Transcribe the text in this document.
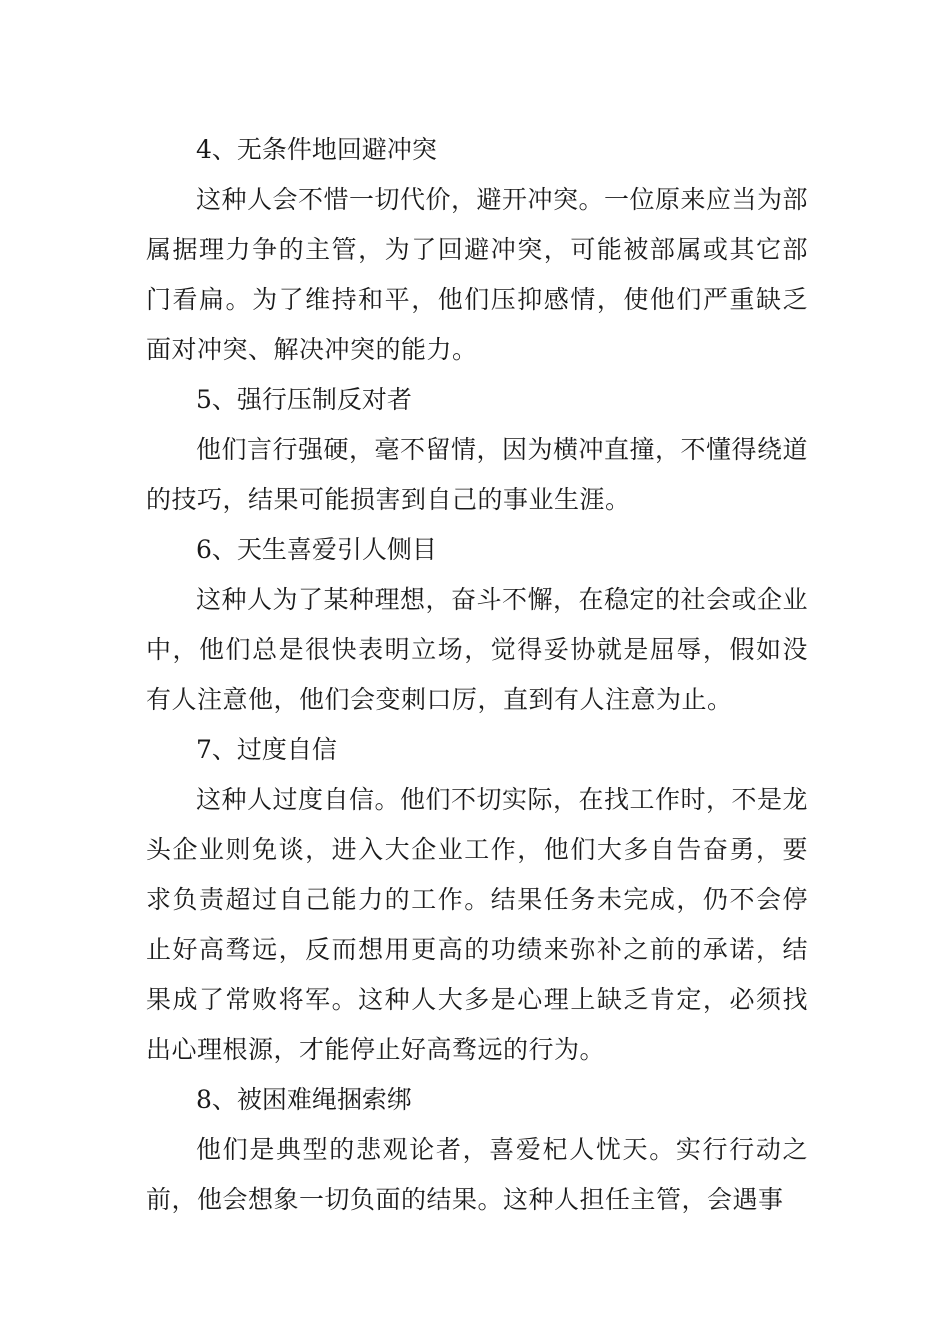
4、无条件地回避冲突

这种人会不惜一切代价，避开冲突。一位原来应当为部属据理力争的主管，为了回避冲突，可能被部属或其它部门看扁。为了维持和平，他们压抑感情，使他们严重缺乏面对冲突、解决冲突的能力。

5、强行压制反对者

他们言行强硬，毫不留情，因为横冲直撞，不懂得绕道的技巧，结果可能损害到自己的事业生涯。

6、天生喜爱引人侧目

这种人为了某种理想，奋斗不懈，在稳定的社会或企业中，他们总是很快表明立场，觉得妥协就是屈辱，假如没有人注意他，他们会变刺口厉，直到有人注意为止。

7、过度自信

这种人过度自信。他们不切实际，在找工作时，不是龙头企业则免谈，进入大企业工作，他们大多自告奋勇，要求负责超过自己能力的工作。结果任务未完成，仍不会停止好高骛远，反而想用更高的功绩来弥补之前的承诺，结果成了常败将军。这种人大多是心理上缺乏肯定，必须找出心理根源，才能停止好高骛远的行为。

8、被困难绳捆索绑

他们是典型的悲观论者，喜爱杞人忧天。实行行动之前，他会想象一切负面的结果。这种人担任主管，会遇事
